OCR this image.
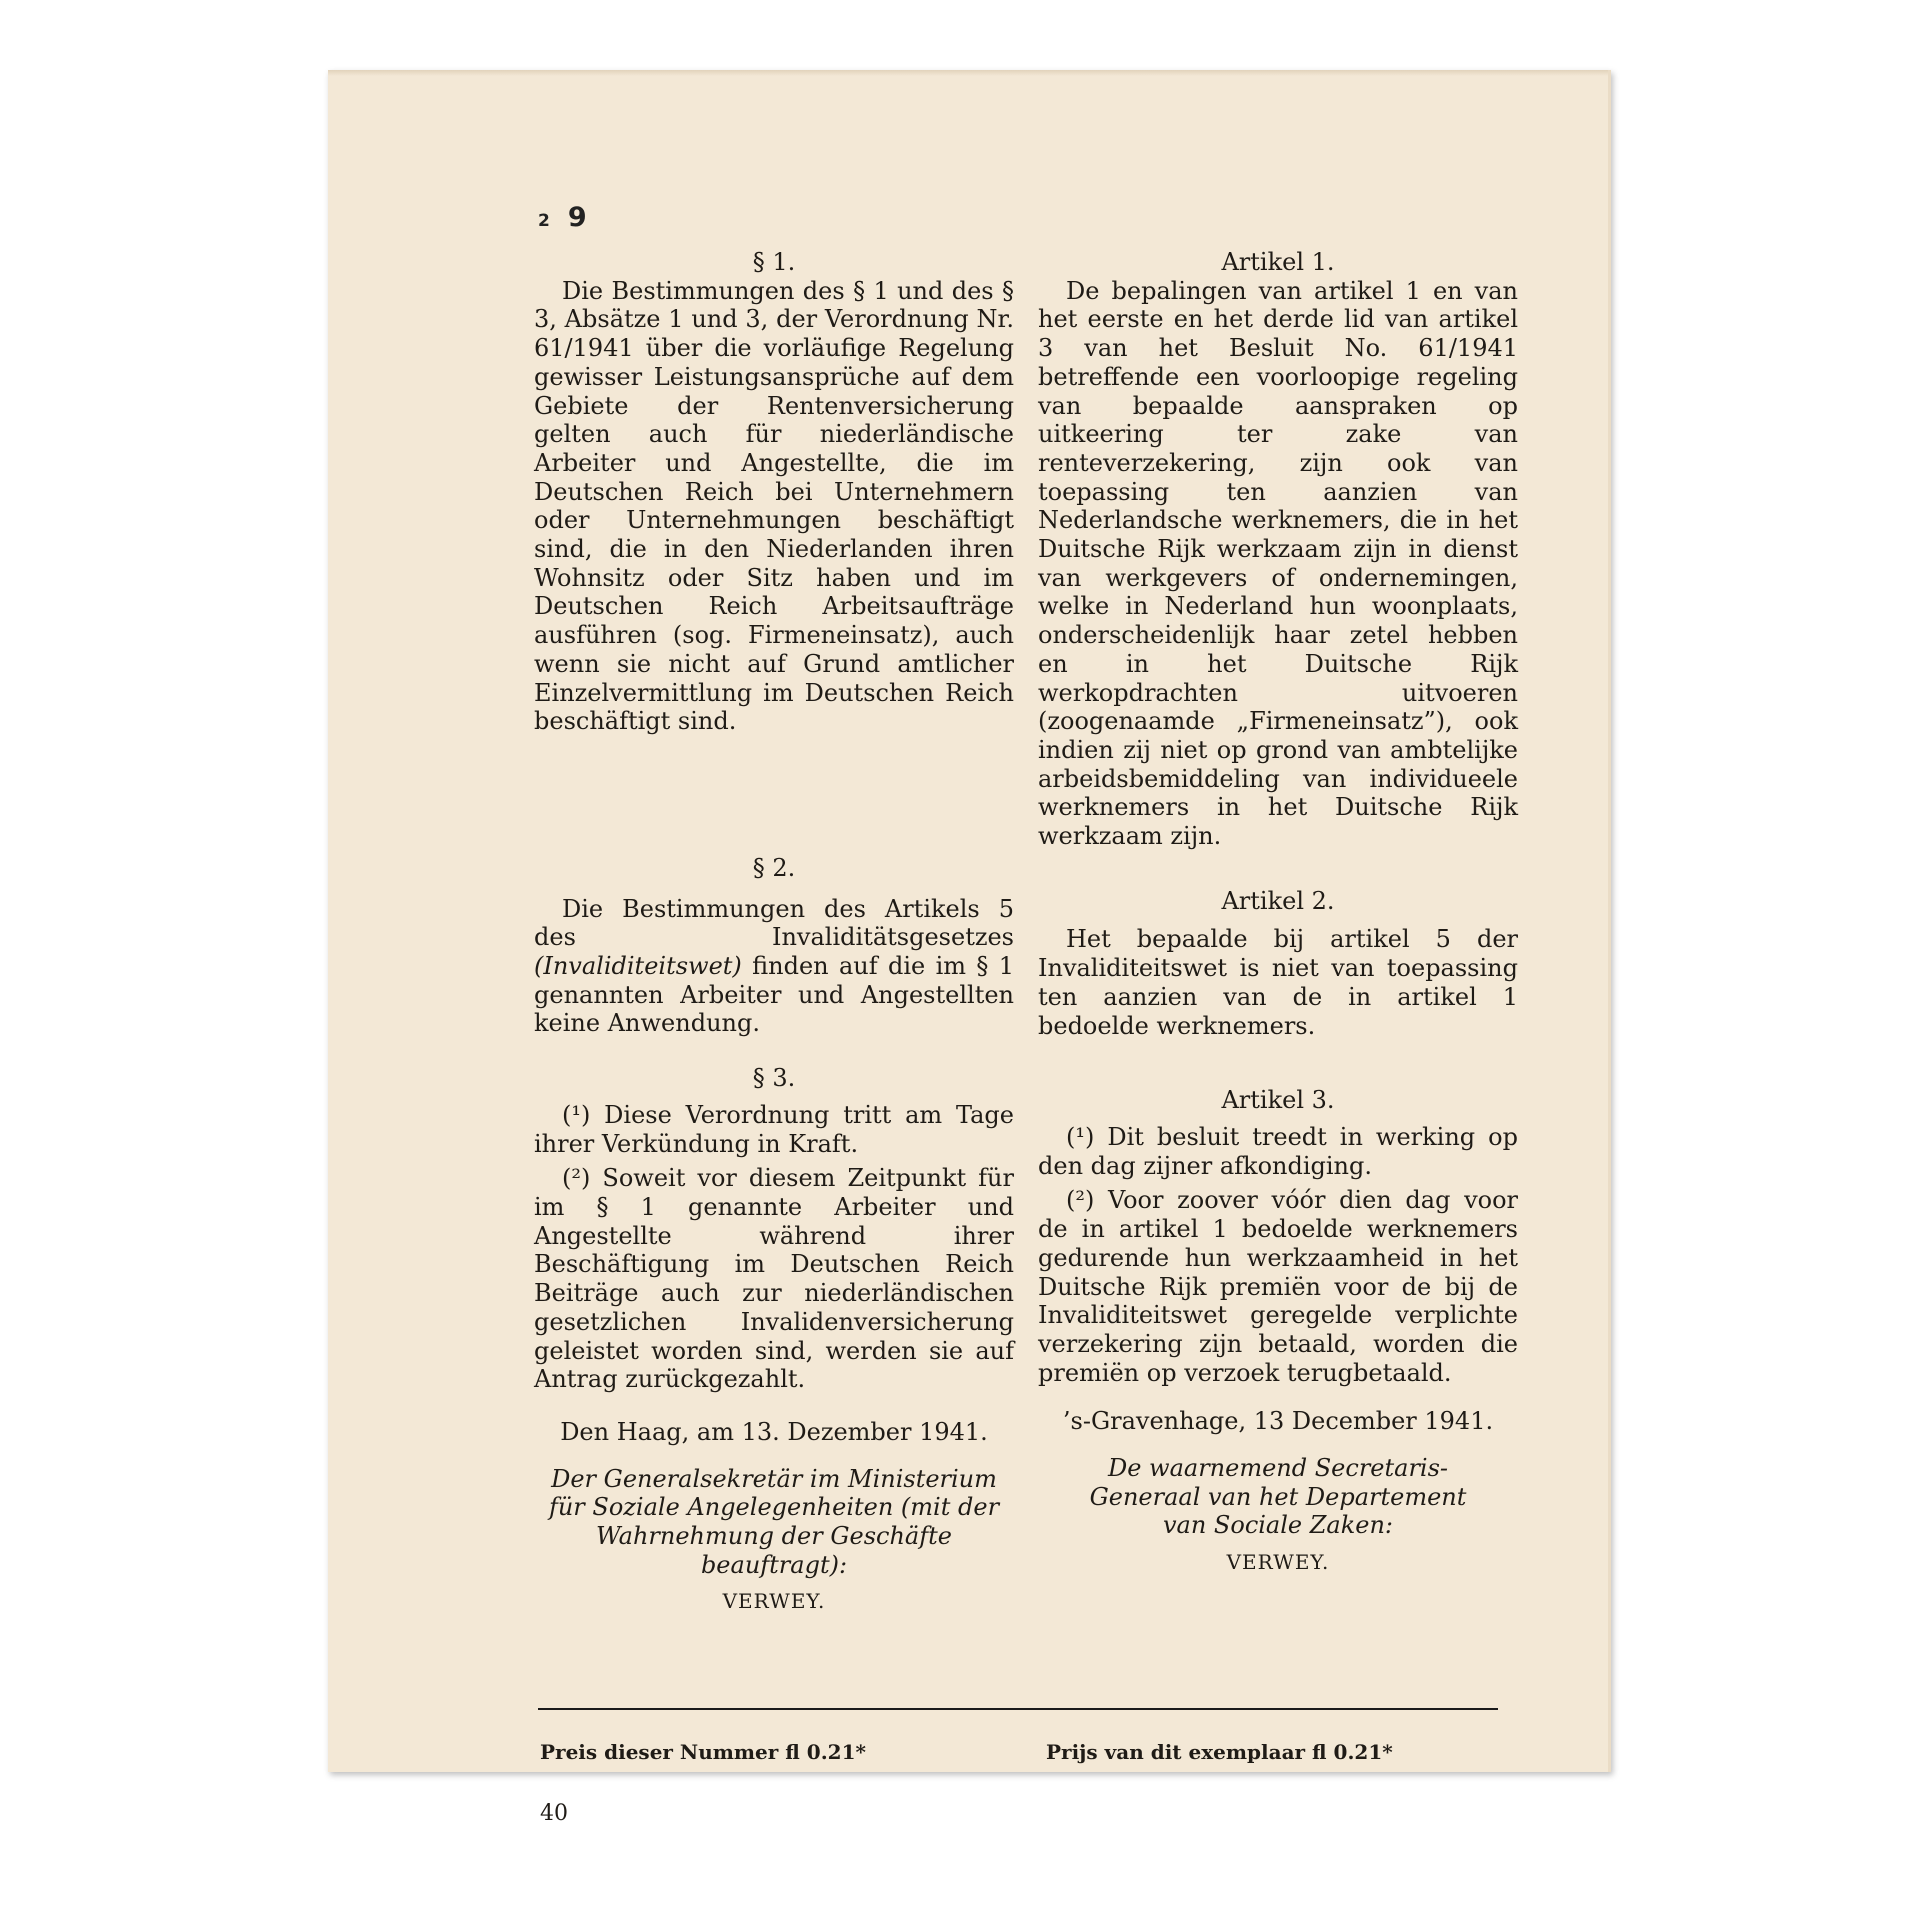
2 9

§ 1.

Die Bestimmungen des § 1 und des § 3, Absätze 1 und 3, der Verordnung Nr. 61/1941 über die vorläufige Regelung gewisser Leistungsansprüche auf dem Gebiete der Rentenversicherung gelten auch für niederländische Arbeiter und Angestellte, die im Deutschen Reich bei Unternehmern oder Unternehmungen beschäftigt sind, die in den Niederlanden ihren Wohnsitz oder Sitz haben und im Deutschen Reich Arbeitsaufträge ausführen (sog. Firmeneinsatz), auch wenn sie nicht auf Grund amtlicher Einzelvermittlung im Deutschen Reich beschäftigt sind.

§ 2.

Die Bestimmungen des Artikels 5 des Invaliditätsgesetzes (Invaliditeitswet) finden auf die im § 1 genannten Arbeiter und Angestellten keine Anwendung.

§ 3.

(¹) Diese Verordnung tritt am Tage ihrer Verkündung in Kraft.

(²) Soweit vor diesem Zeitpunkt für im § 1 genannte Arbeiter und Angestellte während ihrer Beschäftigung im Deutschen Reich Beiträge auch zur niederländischen gesetzlichen Invalidenversicherung geleistet worden sind, werden sie auf Antrag zurückgezahlt.

Den Haag, am 13. Dezember 1941.

Der Generalsekretär im Ministerium für Soziale Angelegenheiten (mit der Wahrnehmung der Geschäfte beauftragt):

VERWEY.

Artikel 1.

De bepalingen van artikel 1 en van het eerste en het derde lid van artikel 3 van het Besluit No. 61/1941 betreffende een voorloopige regeling van bepaalde aanspraken op uitkeering ter zake van renteverzekering, zijn ook van toepassing ten aanzien van Nederlandsche werknemers, die in het Duitsche Rijk werkzaam zijn in dienst van werkgevers of ondernemingen, welke in Nederland hun woonplaats, onderscheidenlijk haar zetel hebben en in het Duitsche Rijk werkopdrachten uitvoeren (zoogenaamde „Firmeneinsatz”), ook indien zij niet op grond van ambtelijke arbeidsbemiddeling van individueele werknemers in het Duitsche Rijk werkzaam zijn.

Artikel 2.

Het bepaalde bij artikel 5 der Invaliditeitswet is niet van toepassing ten aanzien van de in artikel 1 bedoelde werknemers.

Artikel 3.

(¹) Dit besluit treedt in werking op den dag zijner afkondiging.

(²) Voor zoover vóór dien dag voor de in artikel 1 bedoelde werknemers gedurende hun werkzaamheid in het Duitsche Rijk premiën voor de bij de Invaliditeitswet geregelde verplichte verzekering zijn betaald, worden die premiën op verzoek terugbetaald.

’s-Gravenhage, 13 December 1941.

De waarnemend Secretaris-Generaal van het Departement van Sociale Zaken:

VERWEY.

Preis dieser Nummer fl 0.21*	Prijs van dit exemplaar fl 0.21*
40
